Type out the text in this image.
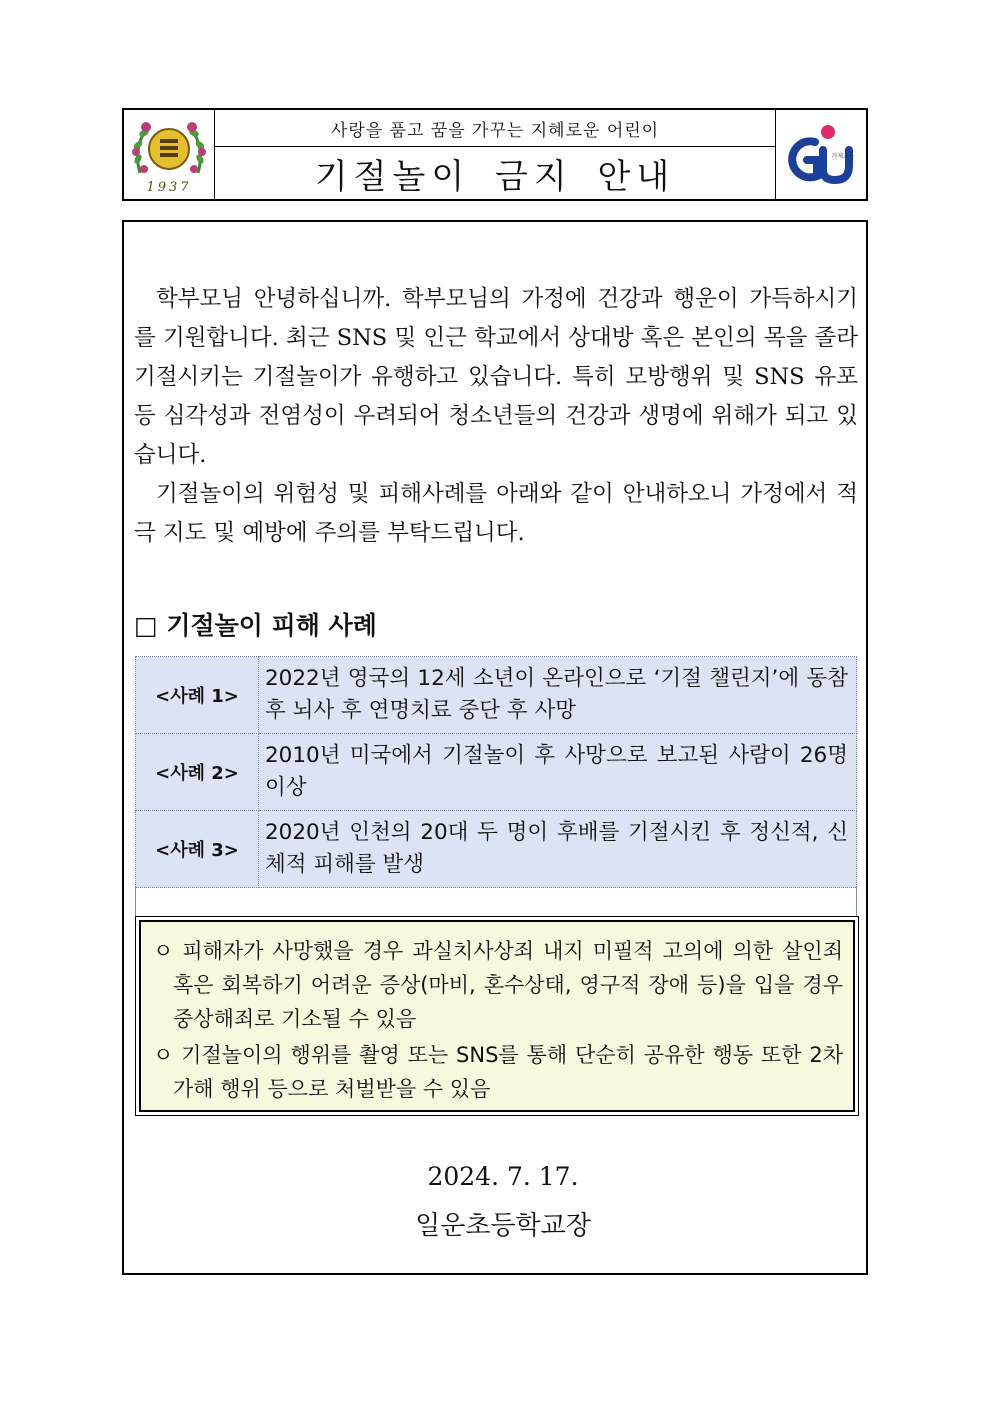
1937
사랑을 품고 꿈을 가꾸는 지혜로운 어린이
기절놀이 금지 안내
거제교육

학부모님 안녕하십니까. 학부모님의 가정에 건강과 행운이 가득하시기를 기원합니다. 최근 SNS 및 인근 학교에서 상대방 혹은 본인의 목을 졸라 기절시키는 기절놀이가 유행하고 있습니다. 특히 모방행위 및 SNS 유포 등 심각성과 전염성이 우려되어 청소년들의 건강과 생명에 위해가 되고 있습니다.

기절놀이의 위험성 및 피해사례를 아래와 같이 안내하오니 가정에서 적극 지도 및 예방에 주의를 부탁드립니다.

□ 기절놀이 피해 사례
<사례 1>	2022년 영국의 12세 소년이 온라인으로 ‘기절 챌린지’에 동참 후 뇌사 후 연명치료 중단 후 사망
<사례 2>	2010년 미국에서 기절놀이 후 사망으로 보고된 사람이 26명 이상
<사례 3>	2020년 인천의 20대 두 명이 후배를 기절시킨 후 정신적, 신체적 피해를 발생

ㅇ 피해자가 사망했을 경우 과실치사상죄 내지 미필적 고의에 의한 살인죄 혹은 회복하기 어려운 증상(마비, 혼수상태, 영구적 장애 등)을 입을 경우 중상해죄로 기소될 수 있음

ㅇ 기절놀이의 행위를 촬영 또는 SNS를 통해 단순히 공유한 행동 또한 2차 가해 행위 등으로 처벌받을 수 있음

2024. 7. 17.
일운초등학교장
